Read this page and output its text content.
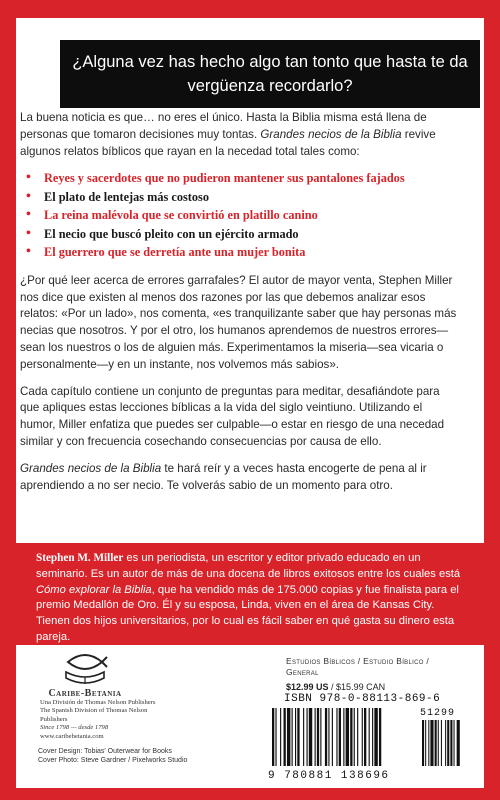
¿Alguna vez has hecho algo tan tonto que hasta te da vergüenza recordarlo?

La buena noticia es que… no eres el único. Hasta la Biblia misma está llena de personas que tomaron decisiones muy tontas. Grandes necios de la Biblia revive algunos relatos bíblicos que rayan en la necedad total tales como:

• Reyes y sacerdotes que no pudieron mantener sus pantalones fajados
• El plato de lentejas más costoso
• La reina malévola que se convirtió en platillo canino
• El necio que buscó pleito con un ejército armado
• El guerrero que se derretía ante una mujer bonita

¿Por qué leer acerca de errores garrafales? El autor de mayor venta, Stephen Miller nos dice que existen al menos dos razones por las que debemos analizar esos relatos: «Por un lado», nos comenta, «es tranquilizante saber que hay personas más necias que nosotros. Y por el otro, los humanos aprendemos de nuestros errores—sean los nuestros o los de alguien más. Experimentamos la miseria—sea vicaria o personalmente—y en un instante, nos volvemos más sabios».

Cada capítulo contiene un conjunto de preguntas para meditar, desafiándote para que apliques estas lecciones bíblicas a la vida del siglo veintiuno. Utilizando el humor, Miller enfatiza que puedes ser culpable—o estar en riesgo de una necedad similar y con frecuencia cosechando consecuencias por causa de ello.

Grandes necios de la Biblia te hará reír y a veces hasta encogerte de pena al ir aprendiendo a no ser necio. Te volverás sabio de un momento para otro.

Stephen M. Miller es un periodista, un escritor y editor privado educado en un seminario. Es un autor de más de una docena de libros exitosos entre los cuales está Cómo explorar la Biblia, que ha vendido más de 175.000 copias y fue finalista para el premio Medallón de Oro. Él y su esposa, Linda, viven en el área de Kansas City. Tienen dos hijos universitarios, por lo cual es fácil saber en qué gasta su dinero esta pareja.
Caribe-Betania
Una División de Thomas Nelson Publishers
The Spanish Division of Thomas Nelson Publishers
Since 1798 — desde 1798
www.caribebetania.com
Cover Design: Tobias' Outerwear for Books
Cover Photo: Steve Gardner / Pixelworks Studio
Estudios Bíblicos / Estudio Bíblico /
General
$12.99 US / $15.99 CAN
ISBN 978-0-88113-869-6
51299
9 780881 138696
